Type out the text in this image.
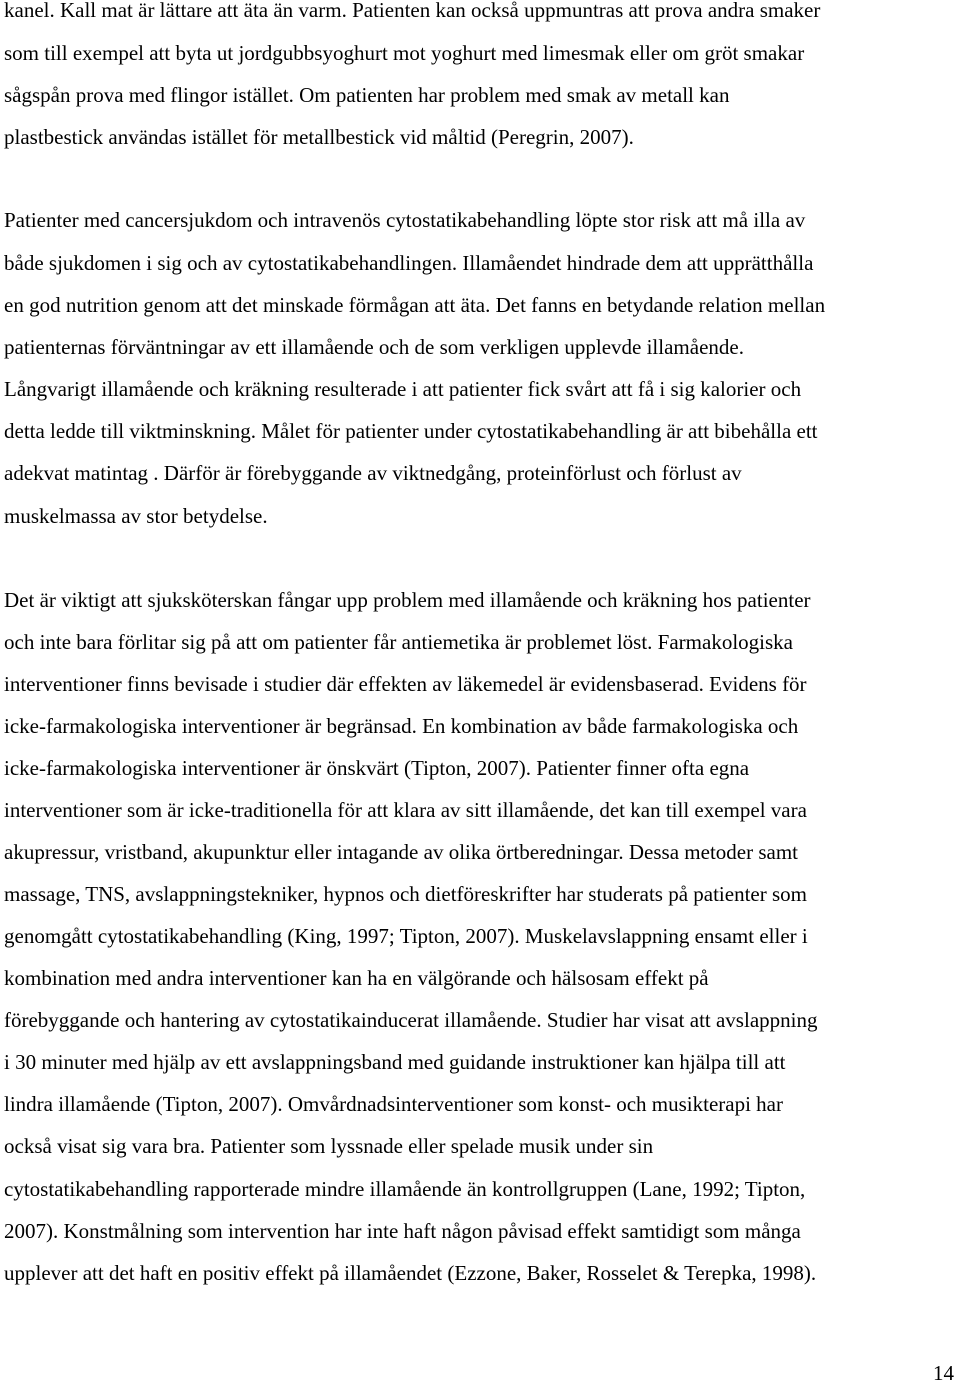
kanel. Kall mat är lättare att äta än varm. Patienten kan också uppmuntras att prova andra smaker
som till exempel att byta ut jordgubbsyoghurt mot yoghurt med limesmak eller om gröt smakar
sågspån prova med flingor istället. Om patienten har problem med smak av metall kan
plastbestick användas istället för metallbestick vid måltid (Peregrin, 2007).
Patienter med cancersjukdom och intravenös cytostatikabehandling löpte stor risk att må illa av
både sjukdomen i sig och av cytostatikabehandlingen. Illamåendet hindrade dem att upprätthålla
en god nutrition genom att det minskade förmågan att äta. Det fanns en betydande relation mellan
patienternas förväntningar av ett illamående och de som verkligen upplevde illamående.
Långvarigt illamående och kräkning resulterade i att patienter fick svårt att få i sig kalorier och
detta ledde till viktminskning. Målet för patienter under cytostatikabehandling är att bibehålla ett
adekvat matintag . Därför är förebyggande av viktnedgång, proteinförlust och förlust av
muskelmassa av stor betydelse.
Det är viktigt att sjuksköterskan fångar upp problem med illamående och kräkning hos patienter
och inte bara förlitar sig på att om patienter får antiemetika är problemet löst. Farmakologiska
interventioner finns bevisade i studier där effekten av läkemedel är evidensbaserad. Evidens för
icke-farmakologiska interventioner är begränsad. En kombination av både farmakologiska och
icke-farmakologiska interventioner är önskvärt (Tipton, 2007). Patienter finner ofta egna
interventioner som är icke-traditionella för att klara av sitt illamående, det kan till exempel vara
akupressur, vristband, akupunktur eller intagande av olika örtberedningar. Dessa metoder samt
massage, TNS, avslappningstekniker, hypnos och dietföreskrifter har studerats på patienter som
genomgått cytostatikabehandling (King, 1997; Tipton, 2007). Muskelavslappning ensamt eller i
kombination med andra interventioner kan ha en välgörande och hälsosam effekt på
förebyggande och hantering av cytostatikainducerat illamående. Studier har visat att avslappning
i 30 minuter med hjälp av ett avslappningsband med guidande instruktioner kan hjälpa till att
lindra illamående (Tipton, 2007). Omvårdnadsinterventioner som konst- och musikterapi har
också visat sig vara bra. Patienter som lyssnade eller spelade musik under sin
cytostatikabehandling rapporterade mindre illamående än kontrollgruppen (Lane, 1992; Tipton,
2007). Konstmålning som intervention har inte haft någon påvisad effekt samtidigt som många
upplever att det haft en positiv effekt på illamåendet (Ezzone, Baker, Rosselet & Terepka, 1998).
14
